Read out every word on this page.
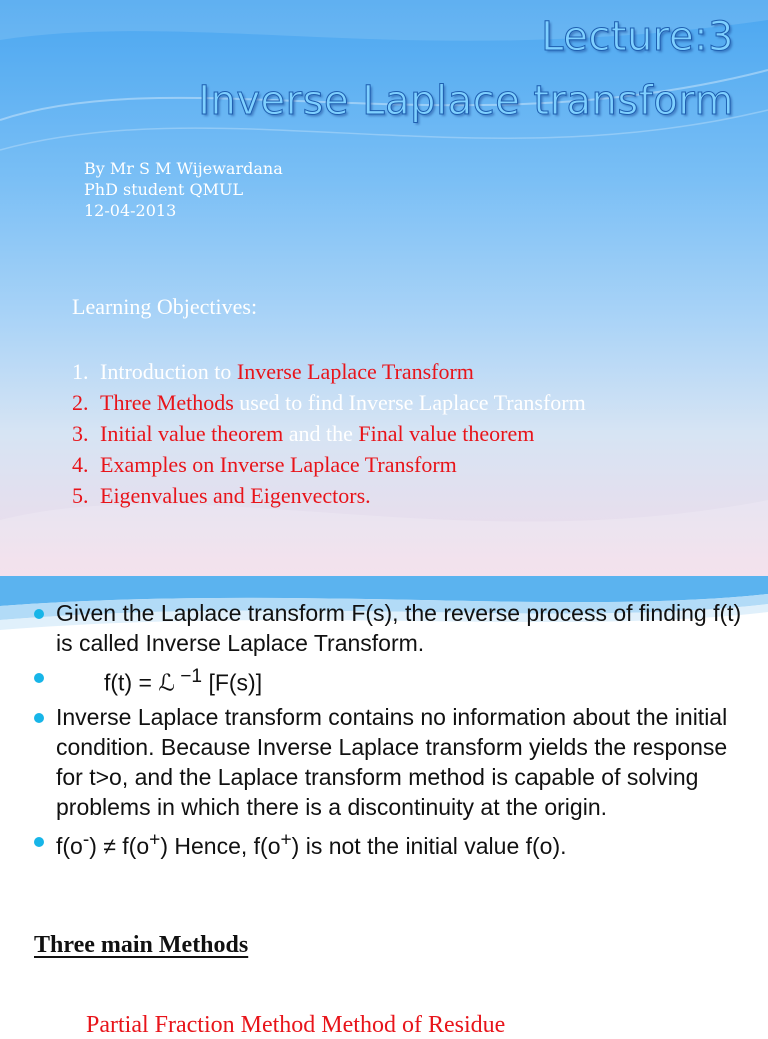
Lecture:3
Inverse Laplace transform
By Mr S M Wijewardana
PhD student QMUL
12-04-2013
Learning Objectives:
1. Introduction to Inverse Laplace Transform
2. Three Methods used to find Inverse Laplace Transform
3. Initial value theorem and the Final value theorem
4. Examples on Inverse Laplace Transform
5. Eigenvalues and Eigenvectors.
Given the Laplace transform F(s), the reverse process of finding f(t) is called Inverse Laplace Transform.
f(t) = ℒ $^{-1}$ [F(s)]
Inverse Laplace transform contains no information about the initial condition. Because Inverse Laplace transform yields the response for t>o, and the Laplace transform method is capable of solving problems in which there is a discontinuity at the origin.
f(o-) ≠ f(o+) Hence, f(o+) is not the initial value f(o).
Three main Methods

Partial Fraction Method Method of Residue
